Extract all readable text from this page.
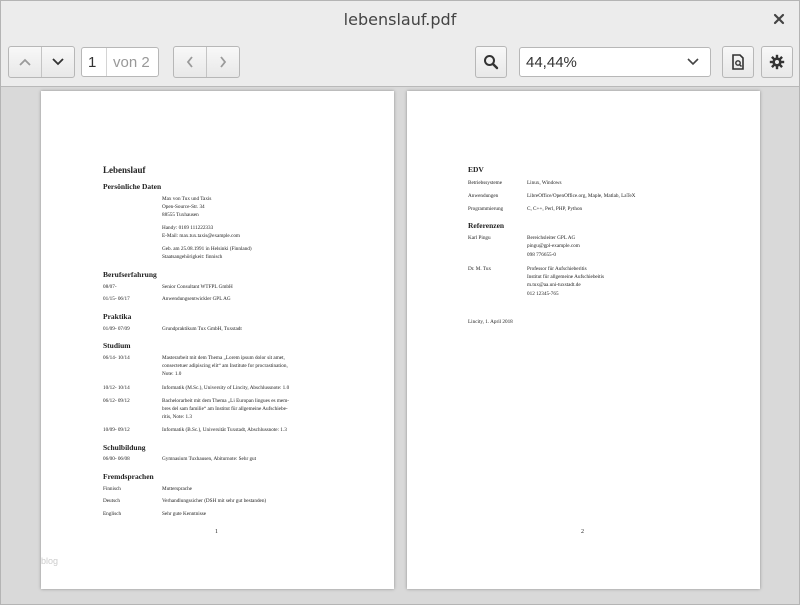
lebenslauf.pdf
1 von 2	44,44%
Lebenslauf
Persönliche Daten
Max von Tux und Taxis
Open-Source-Str. 34
88555 Tuxhausen
Handy: 0169 111222333
E-Mail: max.tux.taxis@example.com
Geb. am 25.08.1991 in Helsinki (Finnland)
Staatsangehörigkeit: finnisch
Berufserfahrung
08/07-	Senior Consultant WTFPL GmbH
01/15- 06/17	Anwendungsentwickler GPL AG
Praktika
01/09- 07/09	Grundpraktikum Tux GmbH, Tuxstadt
Studium
06/14- 10/14	Masterarbeit mit dem Thema „Lorem ipsum dolor sit amet,
consectetuer adipiscing elit“ am Institute for procrastination,
Note: 1.0
10/12- 10/14	Informatik (M.Sc.), University of Lincity, Abschlussnote: 1.0
06/12- 09/12	Bachelorarbeit mit dem Thema „Li Europan lingues es mem-
bres del sam familie“ am Institut für allgemeine Aufschiebe-
ritis, Note: 1.3
10/09- 09/12	Informatik (B.Sc.), Universität Tuxstadt, Abschlussnote: 1.3
Schulbildung
06/00- 06/08	Gymnasium Tuxhausen, Abiturnote: Sehr gut
Fremdsprachen
Finnisch	Muttersprache
Deutsch	Verhandlungssicher (DSH mit sehr gut bestanden)
Englisch	Sehr gute Kenntnisse
1
blog
EDV
Betriebssysteme	Linux, Windows
Anwendungen	LibreOffice/OpenOffice.org, Maple, Matlab, LaTeX
Programmierung	C, C++, Perl, PHP, Python
Referenzen
Karl Pingu	Bereichsleiter GPL AG
pingu@gpl-example.com
098 776655-0
Dr. M. Tux	Professor für Aufschieberitis
Institut für allgemeine Aufschiebeitis
m.tux@aa.uni-tuxstadt.de
012 12345-765
Lincity, 1. April 2018
2
